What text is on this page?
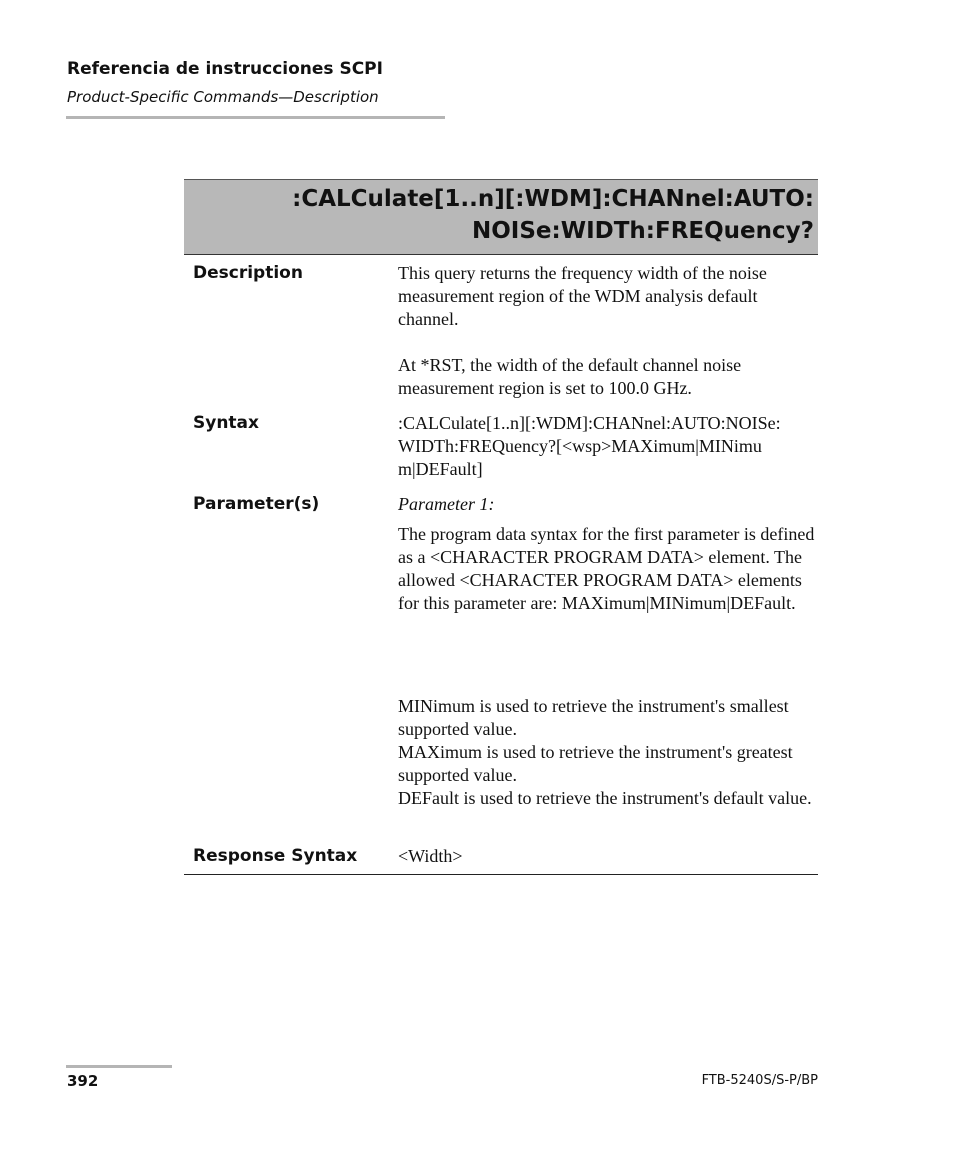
Referencia de instrucciones SCPI
Product-Specific Commands—Description
:CALCulate[1..n][:WDM]:CHANnel:AUTO:
NOISe:WIDTh:FREQuency?
Description	This query returns the frequency width of the noise measurement region of the WDM analysis default channel.

At *RST, the width of the default channel noise measurement region is set to 100.0 GHz.

Syntax	:CALCulate[1..n][:WDM]:CHANnel:AUTO:NOISe:

WIDTh:FREQuency?[<wsp>MAXimum|MINimu

m|DEFault]

Parameter(s)	Parameter 1:

The program data syntax for the first parameter is defined as a <CHARACTER PROGRAM DATA> element. The allowed <CHARACTER PROGRAM DATA> elements for this parameter are: MAXimum|MINimum|DEFault.

MINimum is used to retrieve the instrument's smallest supported value.

MAXimum is used to retrieve the instrument's greatest supported value.

DEFault is used to retrieve the instrument's default value.

Response Syntax <Width>
392	FTB-5240S/S-P/BP
